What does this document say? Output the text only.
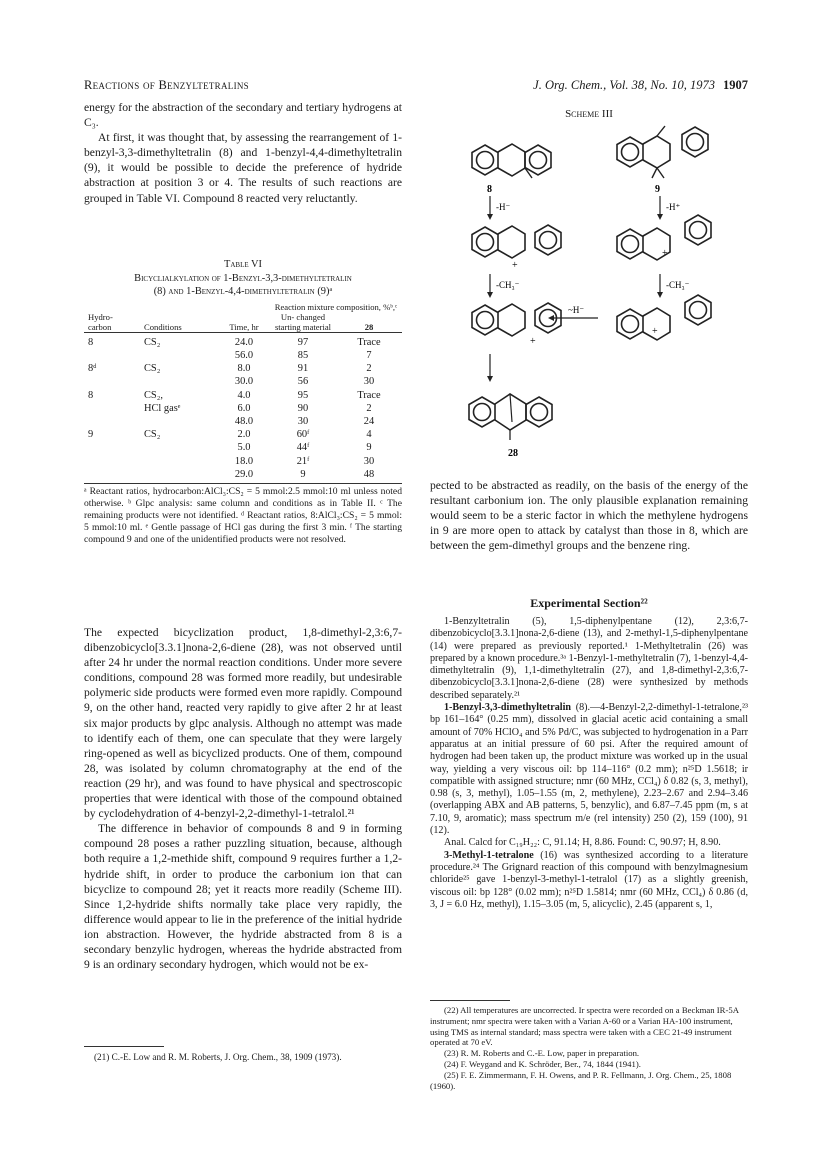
Reactions of Benzyltetralins	J. Org. Chem., Vol. 38, No. 10, 1973 1907

energy for the abstraction of the secondary and tertiary hydrogens at C₃.

At first, it was thought that, by assessing the rearrangement of 1-benzyl-3,3-dimethyltetralin (8) and 1-benzyl-4,4-dimethyltetralin (9), it would be possible to decide the preference of hydride abstraction at position 3 or 4. The results of such reactions are grouped in Table VI. Compound 8 reacted very reluctantly.

Table VI
Bicyclialkylation of 1-Benzyl-3,3-dimethyltetralin
(8) and 1-Benzyl-4,4-dimethyltetralin (9)ᵃ
			Reaction mixture composition, %ᵇ,ᶜ	
Hydro- carbon	Conditions	Time, hr	Un- changed starting material	28

8	CS₂	24.0	97	Trace
		56.0	85	7
8ᵈ	CS₂	8.0	91	2
		30.0	56	30
8	CS₂,	4.0	95	Trace
	HCl gasᵉ	6.0	90	2
		48.0	30	24
9	CS₂	2.0	60ᶠ	4
		5.0	44ᶠ	9
		18.0	21ᶠ	30
		29.0	9	48
ᵃ Reactant ratios, hydrocarbon:AlCl₃:CS₂ = 5 mmol:2.5 mmol:10 ml unless noted otherwise. ᵇ Glpc analysis: same column and conditions as in Table II. ᶜ The remaining products were not identified. ᵈ Reactant ratios, 8:AlCl₃:CS₂ = 5 mmol: 5 mmol:10 ml. ᵉ Gentle passage of HCl gas during the first 3 min. ᶠ The starting compound 9 and one of the unidentified products were not resolved.

The expected bicyclization product, 1,8-dimethyl-2,3:6,7-dibenzobicyclo[3.3.1]nona-2,6-diene (28), was not observed until after 24 hr under the normal reaction conditions. Under more severe conditions, compound 28 was formed more readily, but undesirable polymeric side products were formed even more rapidly. Compound 9, on the other hand, reacted very rapidly to give after 2 hr at least six major products by glpc analysis. Although no attempt was made to identify each of them, one can speculate that they were largely ring-opened as well as bicyclized products. One of them, compound 28, was isolated by column chromatography at the end of the reaction (29 hr), and was found to have physical and spectroscopic properties that were identical with those of the compound obtained by cyclodehydration of 4-benzyl-2,2-dimethyl-1-tetralol.²¹

The difference in behavior of compounds 8 and 9 in forming compound 28 poses a rather puzzling situation, because, although both require a 1,2-methide shift, compound 9 requires further a 1,2-hydride shift, in order to produce the carbonium ion that can bicyclize to compound 28; yet it reacts more readily (Scheme III). Since 1,2-hydride shifts normally take place very rapidly, the difference would appear to lie in the preference of the initial hydride ion abstraction. However, the hydride abstracted from 8 is a secondary benzylic hydrogen, whereas the hydride abstracted from 9 is an ordinary secondary hydrogen, which would not be ex-

(21) C.-E. Low and R. M. Roberts, J. Org. Chem., 38, 1909 (1973).
Scheme III
8	9
-H⁻	-H⁺
-CH₃⁻	-CH₃⁻
~H⁻
+
+
+
+
28

pected to be abstracted as readily, on the basis of the energy of the resultant carbonium ion. The only plausible explanation remaining would seem to be a steric factor in which the methylene hydrogens in 9 are more open to attack by catalyst than those in 8, which are between the gem-dimethyl groups and the benzene ring.

Experimental Section²²

1-Benzyltetralin (5), 1,5-diphenylpentane (12), 2,3:6,7-dibenzobicyclo[3.3.1]nona-2,6-diene (13), and 2-methyl-1,5-diphenylpentane (14) were prepared as previously reported.¹ 1-Methyltetralin (26) was prepared by a known procedure.³ᵃ 1-Benzyl-1-methyltetralin (7), 1-benzyl-4,4-dimethyltetralin (9), 1,1-dimethyltetralin (27), and 1,8-dimethyl-2,3:6,7-dibenzobicyclo[3.3.1]nona-2,6-diene (28) were synthesized by methods described separately.²¹

1-Benzyl-3,3-dimethyltetralin (8).—4-Benzyl-2,2-dimethyl-1-tetralone,²³ bp 161–164° (0.25 mm), dissolved in glacial acetic acid containing a small amount of 70% HClO₄ and 5% Pd/C, was subjected to hydrogenation in a Parr apparatus at an initial pressure of 60 psi. After the required amount of hydrogen had been taken up, the product mixture was worked up in the usual way, yielding a very viscous oil: bp 114–116° (0.2 mm); n²⁵D 1.5618; ir compatible with assigned structure; nmr (60 MHz, CCl₄) δ 0.82 (s, 3, methyl), 0.98 (s, 3, methyl), 1.05–1.55 (m, 2, methylene), 2.23–2.67 and 2.94–3.46 (overlapping ABX and AB patterns, 5, benzylic), and 6.87–7.45 ppm (m, s at 7.10, 9, aromatic); mass spectrum m/e (rel intensity) 250 (2), 159 (100), 91 (12).

Anal. Calcd for C₁₉H₂₂: C, 91.14; H, 8.86. Found: C, 90.97; H, 8.90.

3-Methyl-1-tetralone (16) was synthesized according to a literature procedure.²⁴ The Grignard reaction of this compound with benzylmagnesium chloride²⁵ gave 1-benzyl-3-methyl-1-tetralol (17) as a slightly greenish, viscous oil: bp 128° (0.02 mm); n²⁵D 1.5814; nmr (60 MHz, CCl₄) δ 0.86 (d, 3, J = 6.0 Hz, methyl), 1.15–3.05 (m, 5, alicyclic), 2.45 (apparent s, 1,

(22) All temperatures are uncorrected. Ir spectra were recorded on a Beckman IR-5A instrument; nmr spectra were taken with a Varian A-60 or a Varian HA-100 instrument, using TMS as internal standard; mass spectra were taken with a CEC 21-49 instrument operated at 70 eV.
(23) R. M. Roberts and C.-E. Low, paper in preparation.
(24) F. Weygand and K. Schröder, Ber., 74, 1844 (1941).
(25) F. E. Zimmermann, F. H. Owens, and P. R. Fellmann, J. Org. Chem., 25, 1808 (1960).
